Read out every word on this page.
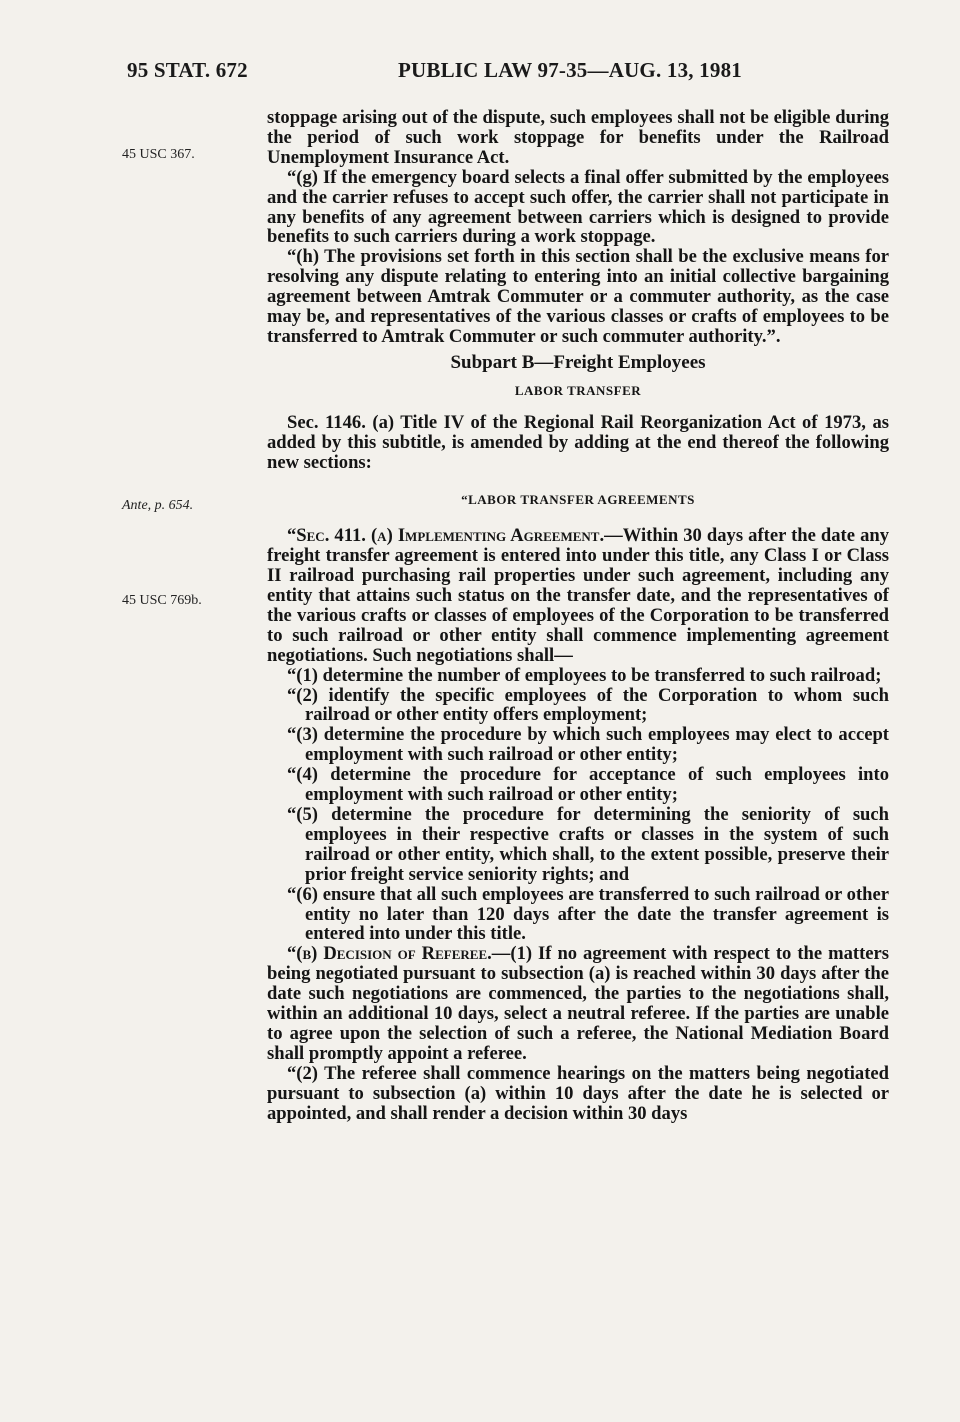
95 STAT. 672	PUBLIC LAW 97-35—AUG. 13, 1981
45 USC 367.
Ante, p. 654.
45 USC 769b.

stoppage arising out of the dispute, such employees shall not be eligible during the period of such work stoppage for benefits under the Railroad Unemployment Insurance Act.

“(g) If the emergency board selects a final offer submitted by the employees and the carrier refuses to accept such offer, the carrier shall not participate in any benefits of any agreement between carriers which is designed to provide benefits to such carriers during a work stoppage.

“(h) The provisions set forth in this section shall be the exclusive means for resolving any dispute relating to entering into an initial collective bargaining agreement between Amtrak Commuter or a commuter authority, as the case may be, and representatives of the various classes or crafts of employees to be transferred to Amtrak Commuter or such commuter authority.”.

Subpart B—Freight Employees

LABOR TRANSFER

Sec. 1146. (a) Title IV of the Regional Rail Reorganization Act of 1973, as added by this subtitle, is amended by adding at the end thereof the following new sections:

“LABOR TRANSFER AGREEMENTS

“Sec. 411. (a) Implementing Agreement.—Within 30 days after the date any freight transfer agreement is entered into under this title, any Class I or Class II railroad purchasing rail properties under such agreement, including any entity that attains such status on the transfer date, and the representatives of the various crafts or classes of employees of the Corporation to be transferred to such railroad or other entity shall commence implementing agreement negotiations. Such negotiations shall—

“(1) determine the number of employees to be transferred to such railroad;

“(2) identify the specific employees of the Corporation to whom such railroad or other entity offers employment;

“(3) determine the procedure by which such employees may elect to accept employment with such railroad or other entity;

“(4) determine the procedure for acceptance of such employees into employment with such railroad or other entity;

“(5) determine the procedure for determining the seniority of such employees in their respective crafts or classes in the system of such railroad or other entity, which shall, to the extent possible, preserve their prior freight service seniority rights; and

“(6) ensure that all such employees are transferred to such railroad or other entity no later than 120 days after the date the transfer agreement is entered into under this title.

“(b) Decision of Referee.—(1) If no agreement with respect to the matters being negotiated pursuant to subsection (a) is reached within 30 days after the date such negotiations are commenced, the parties to the negotiations shall, within an additional 10 days, select a neutral referee. If the parties are unable to agree upon the selection of such a referee, the National Mediation Board shall promptly appoint a referee.

“(2) The referee shall commence hearings on the matters being negotiated pursuant to subsection (a) within 10 days after the date he is selected or appointed, and shall render a decision within 30 days
